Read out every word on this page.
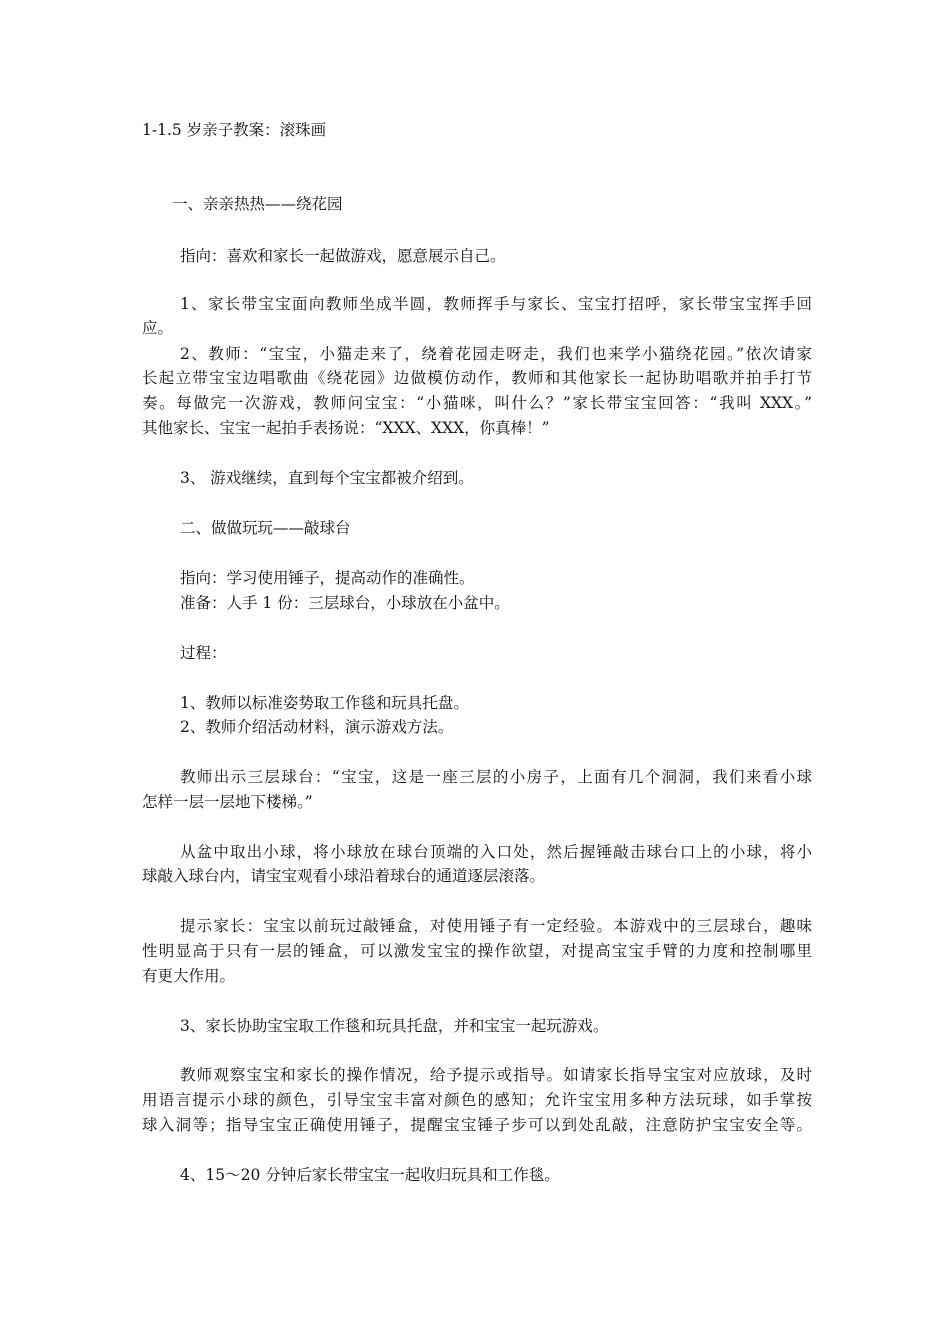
1-1.5 岁亲子教案：滚珠画
一、亲亲热热——绕花园
指向：喜欢和家长一起做游戏，愿意展示自己。
1、家长带宝宝面向教师坐成半圆，教师挥手与家长、宝宝打招呼，家长带宝宝挥手回
应。
2、教师：“宝宝，小猫走来了，绕着花园走呀走，我们也来学小猫绕花园。”依次请家
长起立带宝宝边唱歌曲《绕花园》边做模仿动作，教师和其他家长一起协助唱歌并拍手打节
奏。每做完一次游戏，教师问宝宝：“小猫咪，叫什么？”家长带宝宝回答：“我叫 XXX。”
其他家长、宝宝一起拍手表扬说：“XXX、XXX，你真棒！”
3、 游戏继续，直到每个宝宝都被介绍到。
二、做做玩玩——敲球台
指向：学习使用锤子，提高动作的准确性。
准备：人手 1 份：三层球台，小球放在小盆中。
过程：
1、教师以标准姿势取工作毯和玩具托盘。
2、教师介绍活动材料，演示游戏方法。
教师出示三层球台：“宝宝，这是一座三层的小房子，上面有几个洞洞，我们来看小球
怎样一层一层地下楼梯。”
从盆中取出小球，将小球放在球台顶端的入口处，然后握锤敲击球台口上的小球，将小
球敲入球台内，请宝宝观看小球沿着球台的通道逐层滚落。
提示家长：宝宝以前玩过敲锤盒，对使用锤子有一定经验。本游戏中的三层球台，趣味
性明显高于只有一层的锤盒，可以激发宝宝的操作欲望，对提高宝宝手臂的力度和控制哪里
有更大作用。
3、家长协助宝宝取工作毯和玩具托盘，并和宝宝一起玩游戏。
教师观察宝宝和家长的操作情况，给予提示或指导。如请家长指导宝宝对应放球，及时
用语言提示小球的颜色，引导宝宝丰富对颜色的感知；允许宝宝用多种方法玩球，如手掌按
球入洞等；指导宝宝正确使用锤子，提醒宝宝锤子步可以到处乱敲，注意防护宝宝安全等。
4、15～20 分钟后家长带宝宝一起收归玩具和工作毯。
